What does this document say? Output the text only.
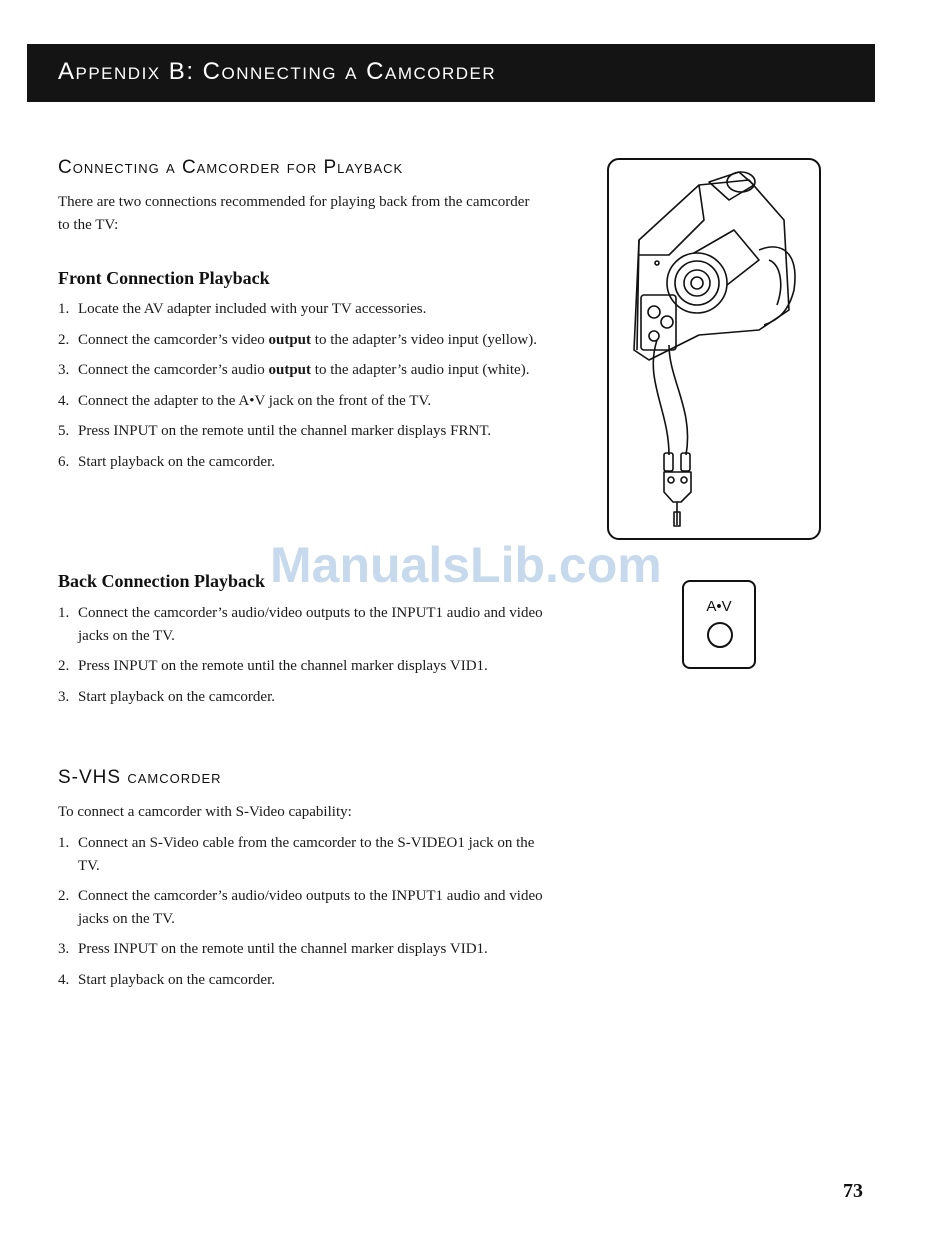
Appendix B: Connecting a Camcorder
Connecting a Camcorder for Playback
There are two connections recommended for playing back from the camcorder to the TV:
Front Connection Playback
1. Locate the AV adapter included with your TV accessories.
2. Connect the camcorder’s video output to the adapter’s video input (yellow).
3. Connect the camcorder’s audio output to the adapter’s audio input (white).
4. Connect the adapter to the A•V jack on the front of the TV.
5. Press INPUT on the remote until the channel marker displays FRNT.
6. Start playback on the camcorder.
Back Connection Playback
1. Connect the camcorder’s audio/video outputs to the INPUT1 audio and video jacks on the TV.
2. Press INPUT on the remote until the channel marker displays VID1.
3. Start playback on the camcorder.
S-VHS camcorder
To connect a camcorder with S-Video capability:
1. Connect an S-Video cable from the camcorder to the S-VIDEO1 jack on the TV.
2. Connect the camcorder’s audio/video outputs to the INPUT1 audio and video jacks on the TV.
3. Press INPUT on the remote until the channel marker displays VID1.
4. Start playback on the camcorder.
A•V
ManualsLib.com
73
